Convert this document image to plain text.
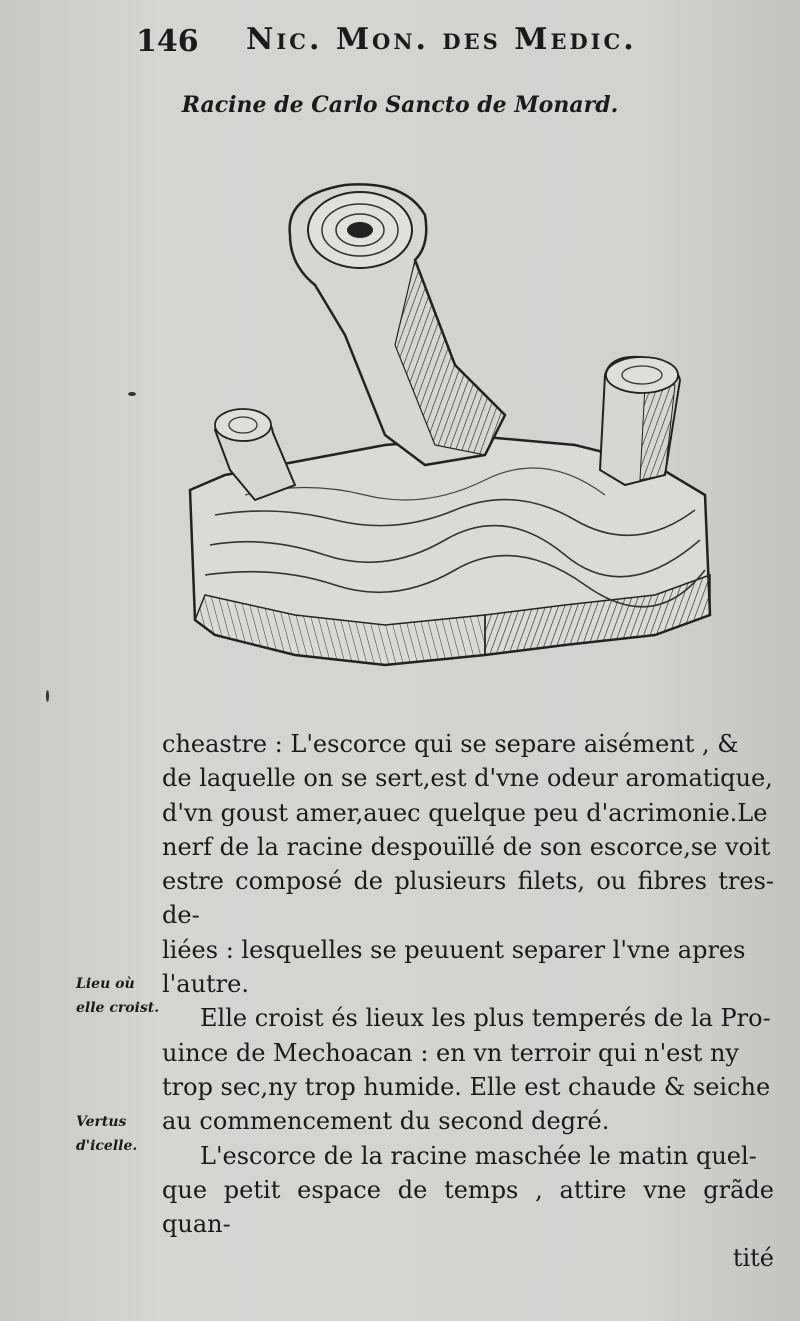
146 Nic. Mon. des Medic.
Racine de Carlo Sancto de Monard.

cheastre : L'escorce qui se separe aisément , &
de laquelle on se sert,est d'vne odeur aromatique,
d'vn goust amer,auec quelque peu d'acrimonie.Le
nerf de la racine despouïllé de son escorce,se voit
estre composé de plusieurs filets, ou fibres tres-de-
liées : lesquelles se peuuent separer l'vne apres
l'autre.

Elle croist és lieux les plus temperés de la Pro-
uince de Mechoacan : en vn terroir qui n'est ny
trop sec,ny trop humide. Elle est chaude & seiche
au commencement du second degré.

L'escorce de la racine maschée le matin quel-
que petit espace de temps , attire vne grãde quan-

tité

Lieu où
elle croist.
Vertus
d'icelle.
